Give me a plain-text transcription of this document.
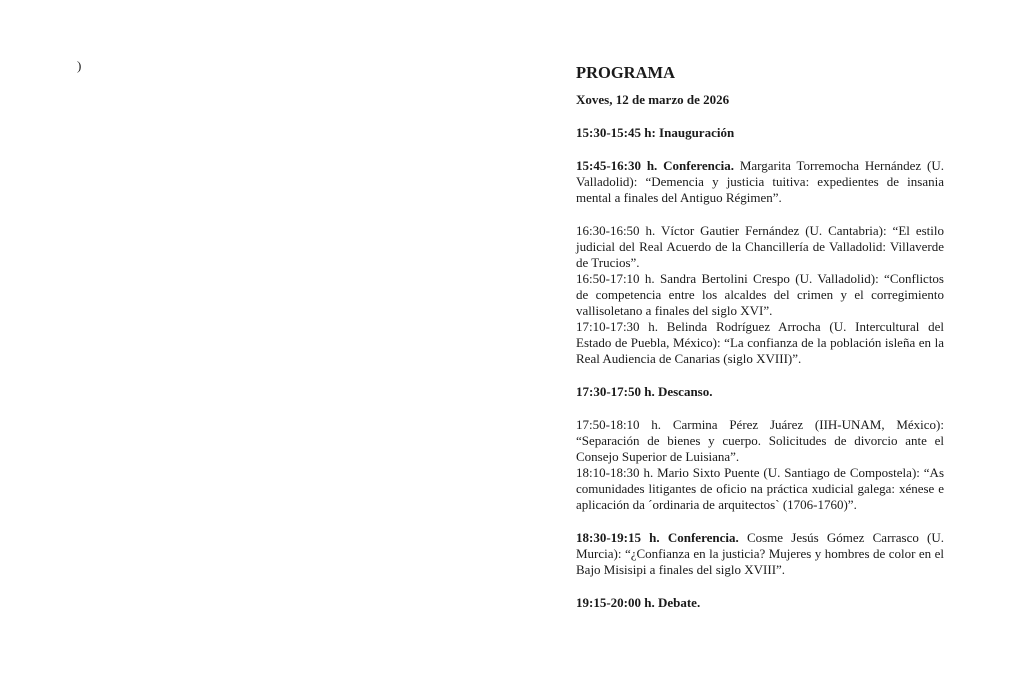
)	PROGRAMA
Xoves, 12 de marzo de 2026
15:30-15:45 h: Inauguración

15:45-16:30 h. Conferencia. Margarita Torremocha Hernández (U. Valladolid): “Demencia y justicia tuitiva: expedientes de insania mental a finales del Antiguo Régimen”.

16:30-16:50 h. Víctor Gautier Fernández (U. Cantabria): “El estilo judicial del Real Acuerdo de la Chancillería de Valladolid: Villaverde de Trucios”.

16:50-17:10 h. Sandra Bertolini Crespo (U. Valladolid): “Conflictos de competencia entre los alcaldes del crimen y el corregimiento vallisoletano a finales del siglo XVI”.

17:10-17:30 h. Belinda Rodríguez Arrocha (U. Intercultural del Estado de Puebla, México): “La confianza de la población isleña en la Real Audiencia de Canarias (siglo XVIII)”.

17:30-17:50 h. Descanso.

17:50-18:10 h. Carmina Pérez Juárez (IIH-UNAM, México): “Separación de bienes y cuerpo. Solicitudes de divorcio ante el Consejo Superior de Luisiana”.

18:10-18:30 h. Mario Sixto Puente (U. Santiago de Compostela): “As comunidades litigantes de oficio na práctica xudicial galega: xénese e aplicación da ´ordinaria de arquitectos` (1706-1760)”.

18:30-19:15 h. Conferencia. Cosme Jesús Gómez Carrasco (U. Murcia): “¿Confianza en la justicia? Mujeres y hombres de color en el Bajo Misisipi a finales del siglo XVIII”.

19:15-20:00 h. Debate.
